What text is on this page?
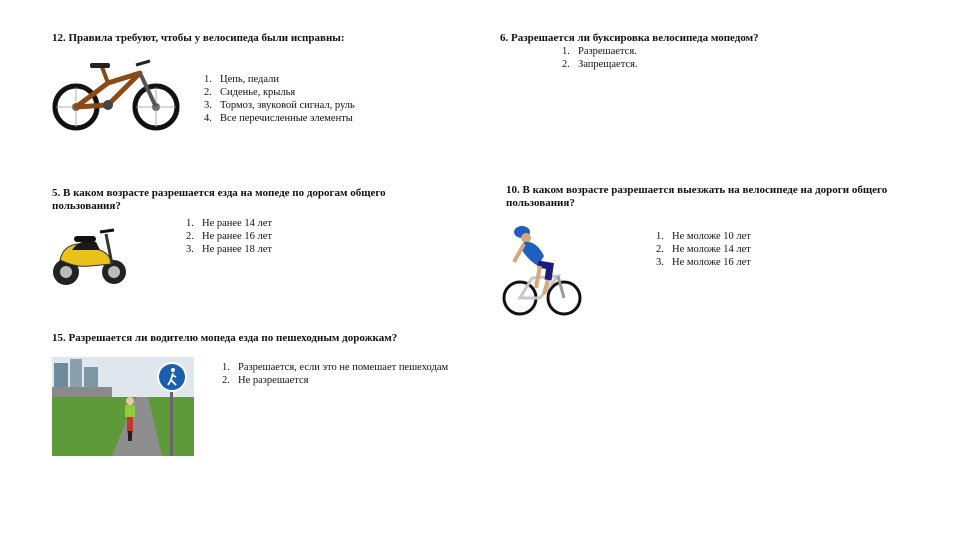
12. Правила требуют, чтобы у велосипеда были исправны:
1. Цепь, педали
2. Сиденье, крылья
3. Тормоз, звуковой сигнал, руль
4. Все перечисленные элементы
6. Разрешается ли буксировка велосипеда мопедом?
1. Разрешается.
2. Запрещается.
5. В каком возрасте разрешается езда на мопеде по дорогам общего пользования?
1. Не ранее 14 лет
2. Не ранее 16 лет
3. Не ранее 18 лет
10. В каком возрасте разрешается выезжать на велосипеде на дороги общего пользования?
1. Не моложе 10 лет
2. Не моложе 14 лет
3. Не моложе 16 лет
15. Разрешается ли водителю мопеда езда по пешеходным дорожкам?
1. Разрешается, если это не помешает пешеходам
2. Не разрешается
